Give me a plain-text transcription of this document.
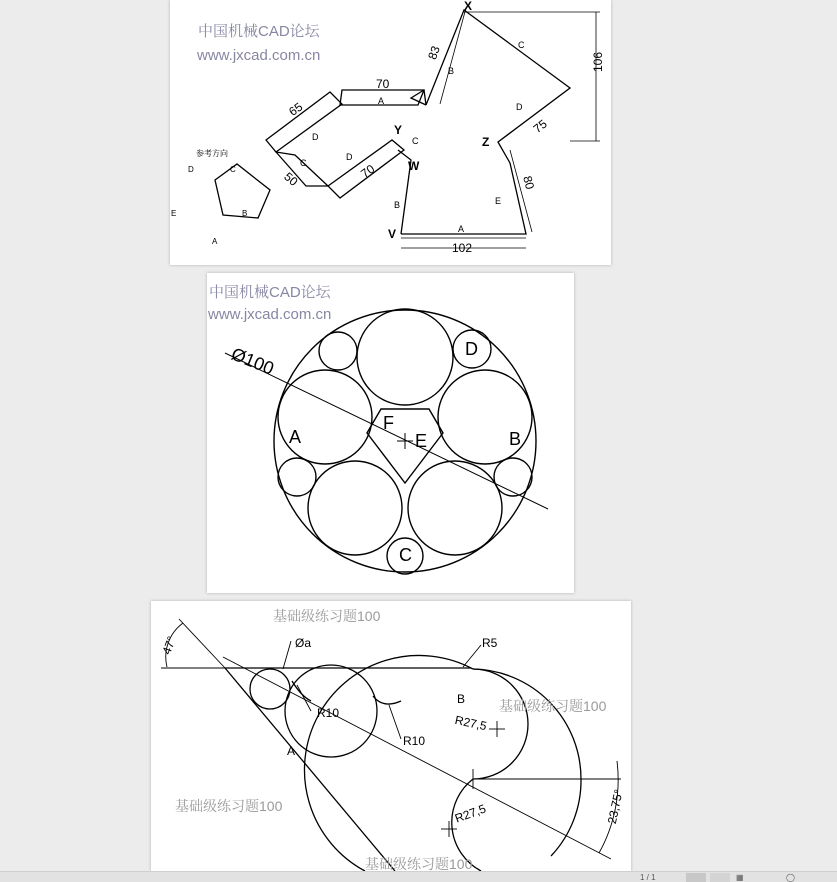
参考方向
A
B
C
D
E
X
Y
Z
W
V
70
83	106
65
75
50	70
80
102
A
B
C
D
C
D
C
D
B	E
A
中国机械CAD论坛
www.jxcad.com.cn
Ø100
A	B
C
D
E
F
中国机械CAD论坛
www.jxcad.com.cn
47°	Øa	R5
R10
R10
R27,5
R27,5	23,75°
A
B
基础级练习题100
基础级练习题100
基础级练习题100
基础级练习题100
1 / 1	▦	◯
